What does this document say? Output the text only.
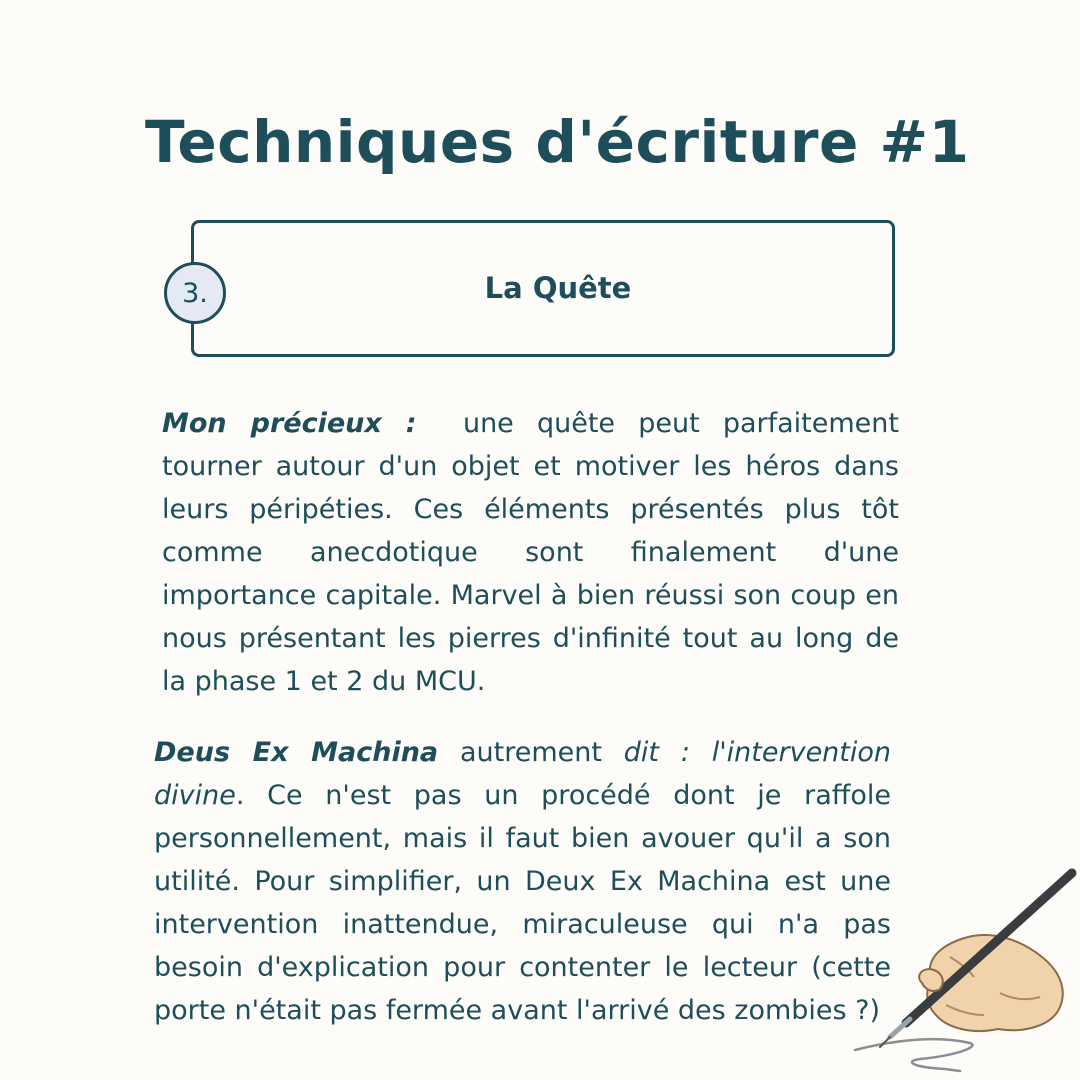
Techniques d'écriture #1
La Quête
3.

Mon précieux : une quête peut parfaitement tourner autour d'un objet et motiver les héros dans leurs péripéties. Ces éléments présentés plus tôt comme anecdotique sont finalement d'une importance capitale. Marvel à bien réussi son coup en nous présentant les pierres d'infinité tout au long de la phase 1 et 2 du MCU.

Deus Ex Machina autrement dit : l'intervention divine. Ce n'est pas un procédé dont je raffole personnellement, mais il faut bien avouer qu'il a son utilité. Pour simplifier, un Deux Ex Machina est une intervention inattendue, miraculeuse qui n'a pas besoin d'explication pour contenter le lecteur (cette porte n'était pas fermée avant l'arrivé des zombies ?)
